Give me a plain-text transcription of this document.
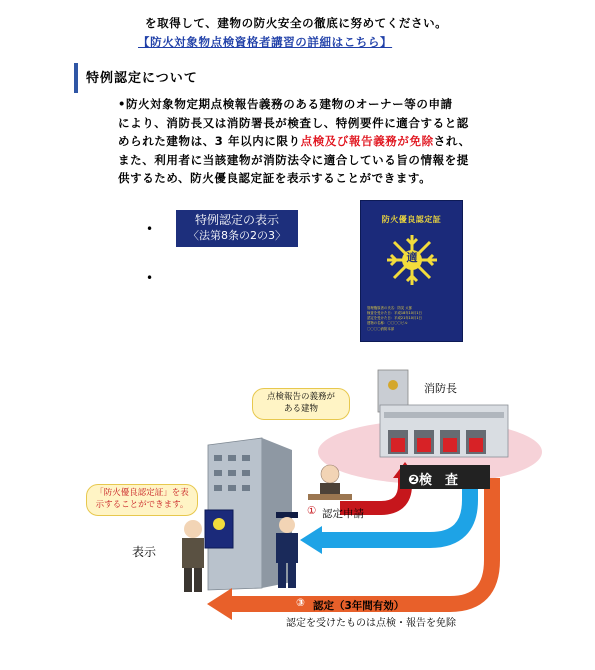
を取得して、建物の防火安全の徹底に努めてください。
【防火対象物点検資格者講習の詳細はこちら】
特例認定について
•防火対象物定期点検報告義務のある建物のオーナー等の申請
により、消防長又は消防署長が検査し、特例要件に適合すると認
められた建物は、3 年以内に限り点検及び報告義務が免除され、
また、利用者に当該建物が消防法令に適合している旨の情報を提
供するため、防火優良認定証を表示することができます。
•
•
特例認定の表示
〈法第8条の2の3〉
防火優良認定証
適
管理権原者の氏名：防災 太郎
検査を受けた日：平成18年10月1日
認定を受けた日：平成21年10月1日
建物の名称：〇〇〇〇ビル
〇〇〇〇消防本部
点検報告の義務が
ある建物
「防火優良認定証」を表
示することができます。
消防長
❷検　査
① 認定申請
表示
③ 認定（3年間有効）
認定を受けたものは点検・報告を免除
